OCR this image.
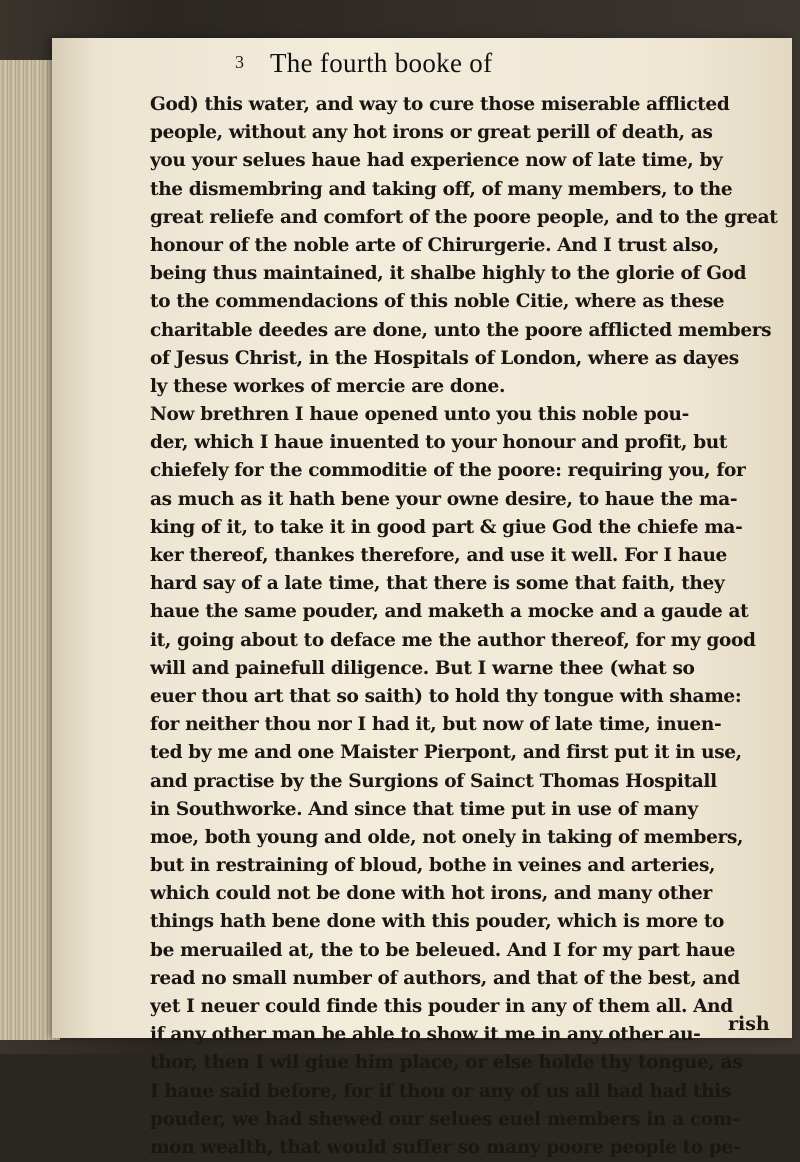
3 The fourth booke of
God) this water, and way to cure those miserable afflicted
people, without any hot irons or great perill of death, as
you your selues haue had experience now of late time, by
the dismembring and taking off, of many members, to the
great reliefe and comfort of the poore people, and to the great
honour of the noble arte of Chirurgerie. And I trust also,
being thus maintained, it shalbe highly to the glorie of God
to the commendacions of this noble Citie, where as these
charitable deedes are done, unto the poore afflicted members
of Jesus Christ, in the Hospitals of London, where as dayes
ly these workes of mercie are done.
Now brethren I haue opened unto you this noble pou-
der, which I haue inuented to your honour and profit, but
chiefely for the commoditie of the poore: requiring you, for
as much as it hath bene your owne desire, to haue the ma-
king of it, to take it in good part & giue God the chiefe ma-
ker thereof, thankes therefore, and use it well. For I haue
hard say of a late time, that there is some that faith, they
haue the same pouder, and maketh a mocke and a gaude at
it, going about to deface me the author thereof, for my good
will and painefull diligence. But I warne thee (what so
euer thou art that so saith) to hold thy tongue with shame:
for neither thou nor I had it, but now of late time, inuen-
ted by me and one Maister Pierpont, and first put it in use,
and practise by the Surgions of Sainct Thomas Hospitall
in Southworke. And since that time put in use of many
moe, both young and olde, not onely in taking of members,
but in restraining of bloud, bothe in veines and arteries,
which could not be done with hot irons, and many other
things hath bene done with this pouder, which is more to
be meruailed at, the to be beleued. And I for my part haue
read no small number of authors, and that of the best, and
yet I neuer could finde this pouder in any of them all. And
if any other man be able to show it me in any other au-
thor, then I wil giue him place, or else holde thy tongue, as
I haue said before, for if thou or any of us all had had this
pouder, we had shewed our selues euel members in a com-
mon wealth, that would suffer so many poore people to pe-
rish
